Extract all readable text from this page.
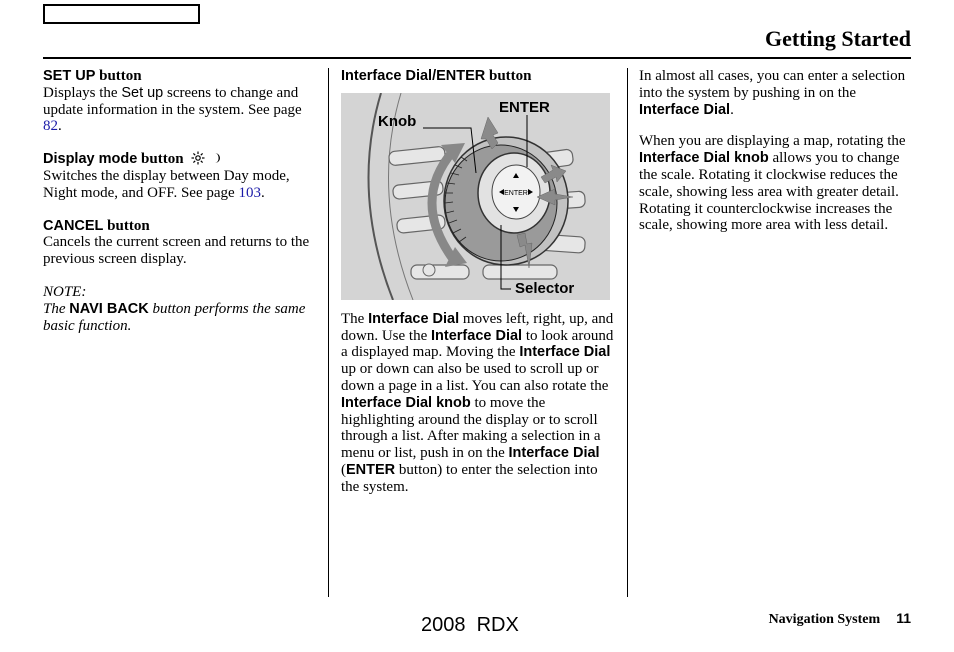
Getting Started
SET UP button
Displays the Set up screens to change and update information in the system. See page 82.
Display mode button
Switches the display between Day mode, Night mode, and OFF. See page 103.
CANCEL button
Cancels the current screen and returns to the previous screen display.
NOTE:
The NAVI BACK button performs the same basic function.
Interface Dial/ENTER button
ENTER
ENTER
Knob
Selector
The Interface Dial moves left, right, up, and down. Use the Interface Dial to look around a displayed map. Moving the Interface Dial up or down can also be used to scroll up or down a page in a list. You can also rotate the Interface Dial knob to move the highlighting around the display or to scroll through a list. After making a selection in a menu or list, push in on the Interface Dial (ENTER button) to enter the selection into the system.
In almost all cases, you can enter a selection into the system by pushing in on the Interface Dial.
When you are displaying a map, rotating the Interface Dial knob allows you to change the scale. Rotating it clockwise reduces the scale, showing less area with greater detail. Rotating it counterclockwise increases the scale, showing more area with less detail.
2008  RDX	Navigation System 11
